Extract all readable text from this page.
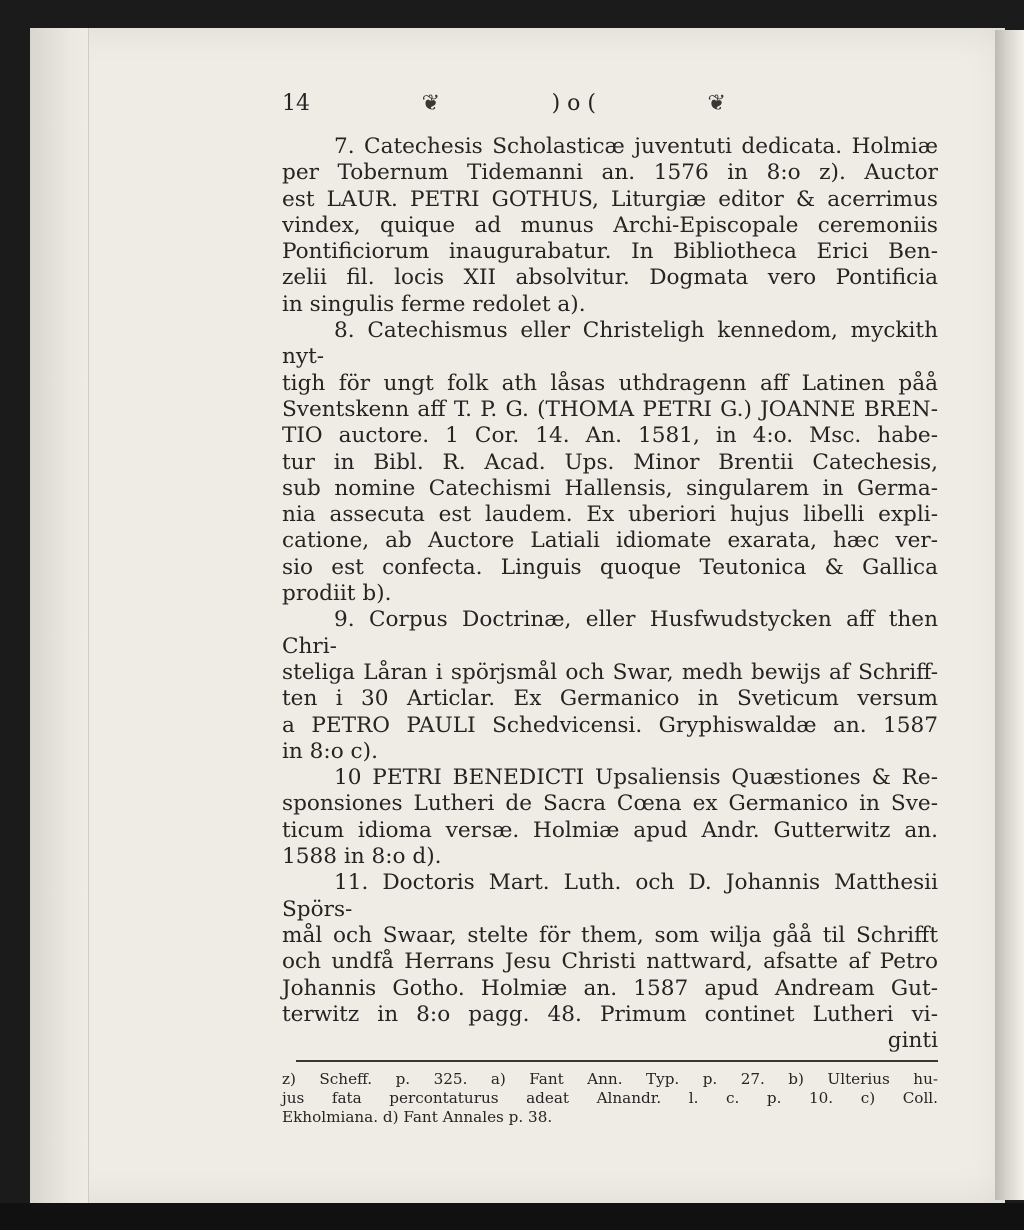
14	❦	) o (	❦
7. Catechesis Scholasticæ juventuti dedicata. Holmiæ
per Tobernum Tidemanni an. 1576 in 8:o z). Auctor
est LAUR. PETRI GOTHUS, Liturgiæ editor & acerrimus
vindex, quique ad munus Archi-Episcopale ceremoniis
Pontificiorum inaugurabatur. In Bibliotheca Erici Ben-
zelii fil. locis XII absolvitur. Dogmata vero Pontificia
in singulis ferme redolet a).
8. Catechismus eller Christeligh kennedom, myckith nyt-
tigh för ungt folk ath låsas uthdragenn aff Latinen påå
Sventskenn aff T. P. G. (THOMA PETRI G.) JOANNE BREN-
TIO auctore. 1 Cor. 14. An. 1581, in 4:o. Msc. habe-
tur in Bibl. R. Acad. Ups. Minor Brentii Catechesis,
sub nomine Catechismi Hallensis, singularem in Germa-
nia assecuta est laudem. Ex uberiori hujus libelli expli-
catione, ab Auctore Latiali idiomate exarata, hæc ver-
sio est confecta. Linguis quoque Teutonica & Gallica
prodiit b).
9. Corpus Doctrinæ, eller Husfwudstycken aff then Chri-
steliga Låran i spörjsmål och Swar, medh bewijs af Schriff-
ten i 30 Articlar. Ex Germanico in Sveticum versum
a PETRO PAULI Schedvicensi. Gryphiswaldæ an. 1587
in 8:o c).
10 PETRI BENEDICTI Upsaliensis Quæstiones & Re-
sponsiones Lutheri de Sacra Cœna ex Germanico in Sve-
ticum idioma versæ. Holmiæ apud Andr. Gutterwitz an.
1588 in 8:o d).
11. Doctoris Mart. Luth. och D. Johannis Matthesii Spörs-
mål och Swaar, stelte för them, som wilja gåå til Schrifft
och undfå Herrans Jesu Christi nattward, afsatte af Petro
Johannis Gotho. Holmiæ an. 1587 apud Andream Gut-
terwitz in 8:o pagg. 48. Primum continet Lutheri vi-
ginti
z) Scheff. p. 325. a) Fant Ann. Typ. p. 27. b) Ulterius hu-
jus fata percontaturus adeat Alnandr. l. c. p. 10. c) Coll.
Ekholmiana. d) Fant Annales p. 38.
